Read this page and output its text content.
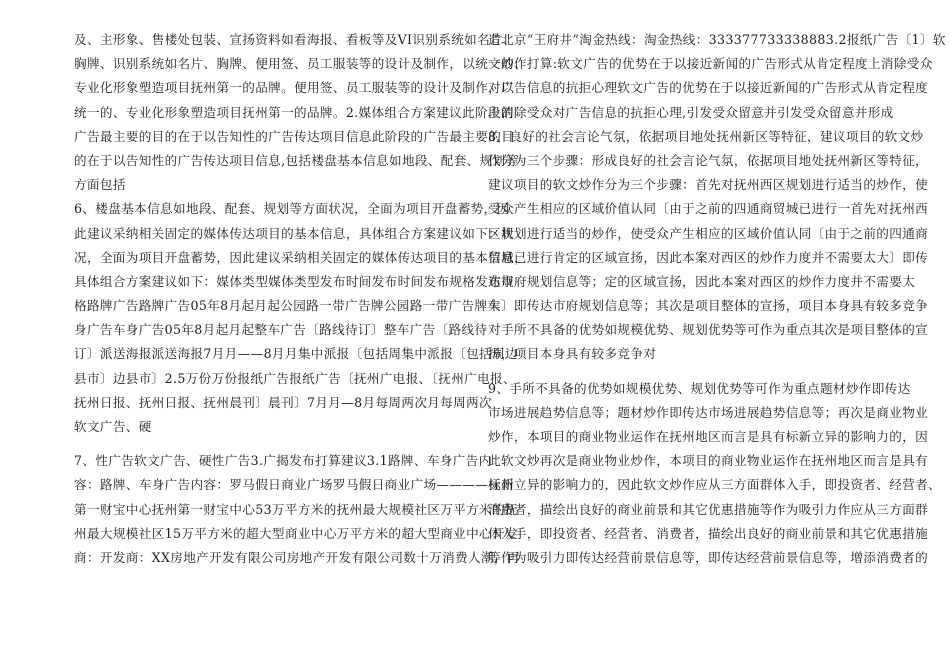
及、主形象、售楼处包装、宣扬资料如看海报、看板等及VI识别系统如名片、
胸牌、识别系统如名片、胸牌、便用签、员工服装等的设计及制作，以统一的、
专业化形象塑造项目抚州第一的品牌。便用签、员工服装等的设计及制作，以
统一的、专业化形象塑造项目抚州第一的品牌。2.媒体组合方案建议此阶段的
广告最主要的目的在于以告知性的广告传达项目信息此阶段的广告最主要的目
的在于以告知性的广告传达项目信息,包括楼盘基本信息如地段、配套、规划等
方面包括
6、楼盘基本信息如地段、配套、规划等方面状况，全面为项目开盘蓄势，因
此建议采纳相关固定的媒体传达项目的基本信息，具体组合方案建议如下：状
况，全面为项目开盘蓄势，因此建议采纳相关固定的媒体传达项目的基本信息，
具体组合方案建议如下：媒体类型媒体类型发布时间发布时间发布规格发布规
格路牌广告路牌广告05年8月起月起公园路一带广告牌公园路一带广告牌车
身广告车身广告05年8月起月起整车广告〔路线待订〕整车广告〔路线待
订〕派送海报派送海报7月月——8月月集中派报〔包括周集中派报〔包括周边
县市〕边县市〕2.5万份万份报纸广告报纸广告〔抚州广电报、〔抚州广电报、
抚州日报、抚州日报、抚州晨刊〕晨刊〕7月月—8月每周两次月每周两次
软文广告、硬
7、性广告软文广告、硬性广告3.广揭发布打算建议3.1路牌、车身广告内
容：路牌、车身广告内容：罗马假日商业广场罗马假日商业广场————抚州
第一财宝中心抚州第一财宝中心53万平方米的抚州最大规模社区万平方米的抚
州最大规模社区15万平方米的超大型商业中心万平方米的超大型商业中心开发
商：开发商：XX房地产开发有限公司房地产开发有限公司数十万消费人潮，再
造北京“王府井”淘金热线：淘金热线：333377733338883.2报纸广告〔1〕软
文炒作打算:软文广告的优势在于以接近新闻的广告形式从肯定程度上消除受众
对广告信息的抗拒心理软文广告的优势在于以接近新闻的广告形式从肯定程度
上消除受众对广告信息的抗拒心理,引发受众留意并引发受众留意并形成
8、良好的社会言论气氛，依据项目地处抚州新区等特征，建议项目的软文炒
作分为三个步骤：形成良好的社会言论气氛，依据项目地处抚州新区等特征，
建议项目的软文炒作分为三个步骤：首先对抚州西区规划进行适当的炒作，使
受众产生相应的区域价值认同〔由于之前的四通商贸城已进行一首先对抚州西
区规划进行适当的炒作，使受众产生相应的区域价值认同〔由于之前的四通商
贸城已进行肯定的区域宣扬，因此本案对西区的炒作力度并不需要太大〕即传
达市府规划信息等；定的区域宣扬，因此本案对西区的炒作力度并不需要太
大〕即传达市府规划信息等；其次是项目整体的宣扬，项目本身具有较多竞争
对手所不具备的优势如规模优势、规划优势等可作为重点其次是项目整体的宣
扬，项目本身具有较多竞争对
9、手所不具备的优势如规模优势、规划优势等可作为重点题材炒作即传达
市场进展趋势信息等；题材炒作即传达市场进展趋势信息等；再次是商业物业
炒作，本项目的商业物业运作在抚州地区而言是具有标新立异的影响力的，因
此软文炒再次是商业物业炒作，本项目的商业物业运作在抚州地区而言是具有
标新立异的影响力的，因此软文炒作应从三方面群体入手，即投资者、经营者、
消费者，描绘出良好的商业前景和其它优惠措施等作为吸引力作应从三方面群
体入手，即投资者、经营者、消费者，描绘出良好的商业前景和其它优惠措施
等作为吸引力即传达经营前景信息等，即传达经营前景信息等，增添消费者的
